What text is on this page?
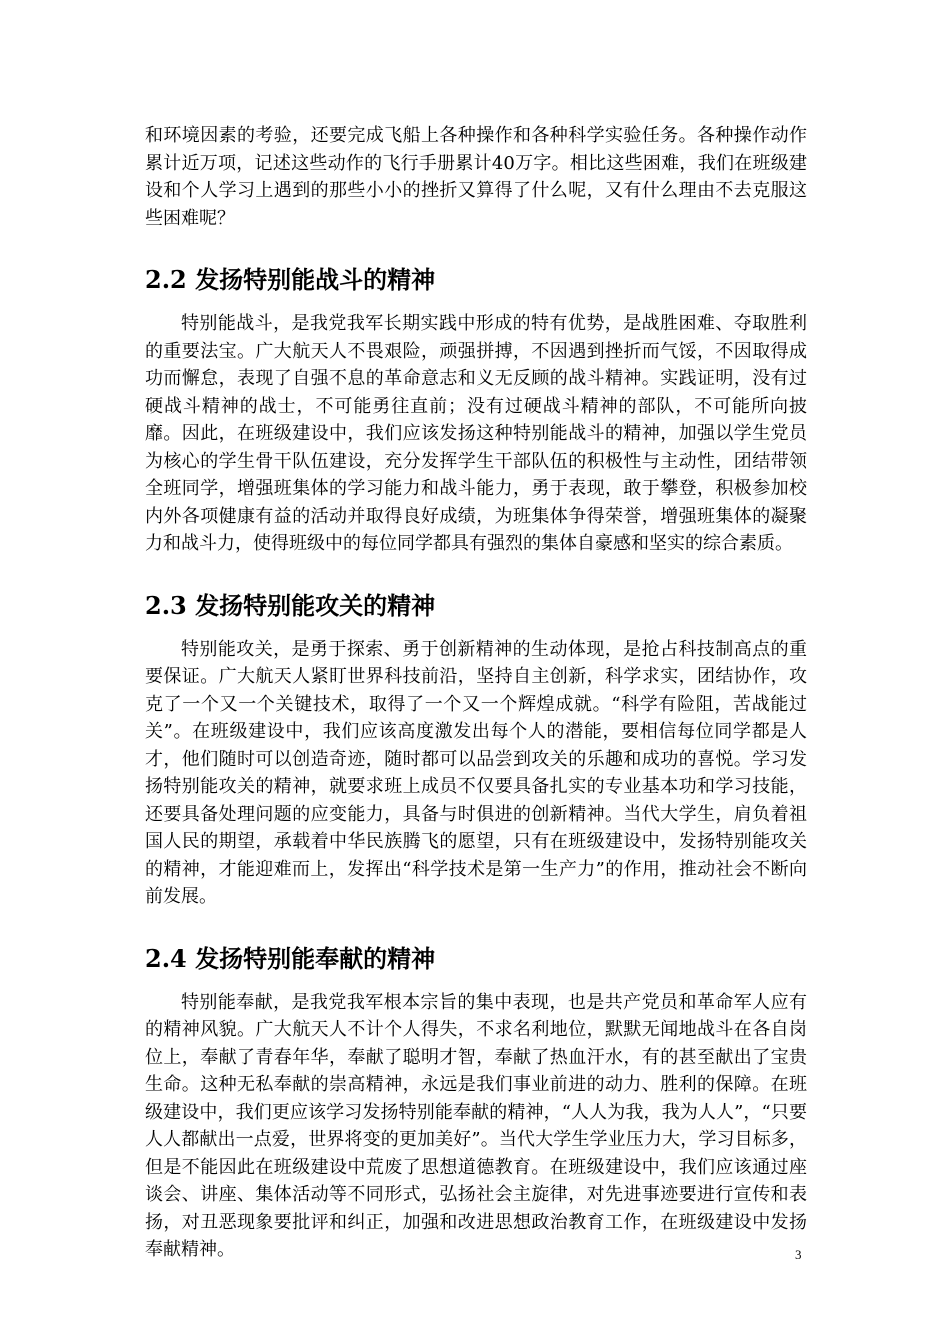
和环境因素的考验，还要完成飞船上各种操作和各种科学实验任务。各种操作动作累计近万项，记述这些动作的飞行手册累计40万字。相比这些困难，我们在班级建设和个人学习上遇到的那些小小的挫折又算得了什么呢，又有什么理由不去克服这些困难呢？

2.2 发扬特别能战斗的精神

特别能战斗，是我党我军长期实践中形成的特有优势，是战胜困难、夺取胜利的重要法宝。广大航天人不畏艰险，顽强拼搏，不因遇到挫折而气馁，不因取得成功而懈怠，表现了自强不息的革命意志和义无反顾的战斗精神。实践证明，没有过硬战斗精神的战士，不可能勇往直前；没有过硬战斗精神的部队，不可能所向披靡。因此，在班级建设中，我们应该发扬这种特别能战斗的精神，加强以学生党员为核心的学生骨干队伍建设，充分发挥学生干部队伍的积极性与主动性，团结带领全班同学，增强班集体的学习能力和战斗能力，勇于表现，敢于攀登，积极参加校内外各项健康有益的活动并取得良好成绩，为班集体争得荣誉，增强班集体的凝聚力和战斗力，使得班级中的每位同学都具有强烈的集体自豪感和坚实的综合素质。

2.3 发扬特别能攻关的精神

特别能攻关，是勇于探索、勇于创新精神的生动体现，是抢占科技制高点的重要保证。广大航天人紧盯世界科技前沿，坚持自主创新，科学求实，团结协作，攻克了一个又一个关键技术，取得了一个又一个辉煌成就。“科学有险阻，苦战能过关”。在班级建设中，我们应该高度激发出每个人的潜能，要相信每位同学都是人才，他们随时可以创造奇迹，随时都可以品尝到攻关的乐趣和成功的喜悦。学习发扬特别能攻关的精神，就要求班上成员不仅要具备扎实的专业基本功和学习技能，还要具备处理问题的应变能力，具备与时俱进的创新精神。当代大学生，肩负着祖国人民的期望，承载着中华民族腾飞的愿望，只有在班级建设中，发扬特别能攻关的精神，才能迎难而上，发挥出“科学技术是第一生产力”的作用，推动社会不断向前发展。

2.4 发扬特别能奉献的精神

特别能奉献，是我党我军根本宗旨的集中表现，也是共产党员和革命军人应有的精神风貌。广大航天人不计个人得失，不求名利地位，默默无闻地战斗在各自岗位上，奉献了青春年华，奉献了聪明才智，奉献了热血汗水，有的甚至献出了宝贵生命。这种无私奉献的崇高精神，永远是我们事业前进的动力、胜利的保障。在班级建设中，我们更应该学习发扬特别能奉献的精神，“人人为我，我为人人”，“只要人人都献出一点爱，世界将变的更加美好”。当代大学生学业压力大，学习目标多，但是不能因此在班级建设中荒废了思想道德教育。在班级建设中，我们应该通过座谈会、讲座、集体活动等不同形式，弘扬社会主旋律，对先进事迹要进行宣传和表扬，对丑恶现象要批评和纠正，加强和改进思想政治教育工作，在班级建设中发扬奉献精神。	3
